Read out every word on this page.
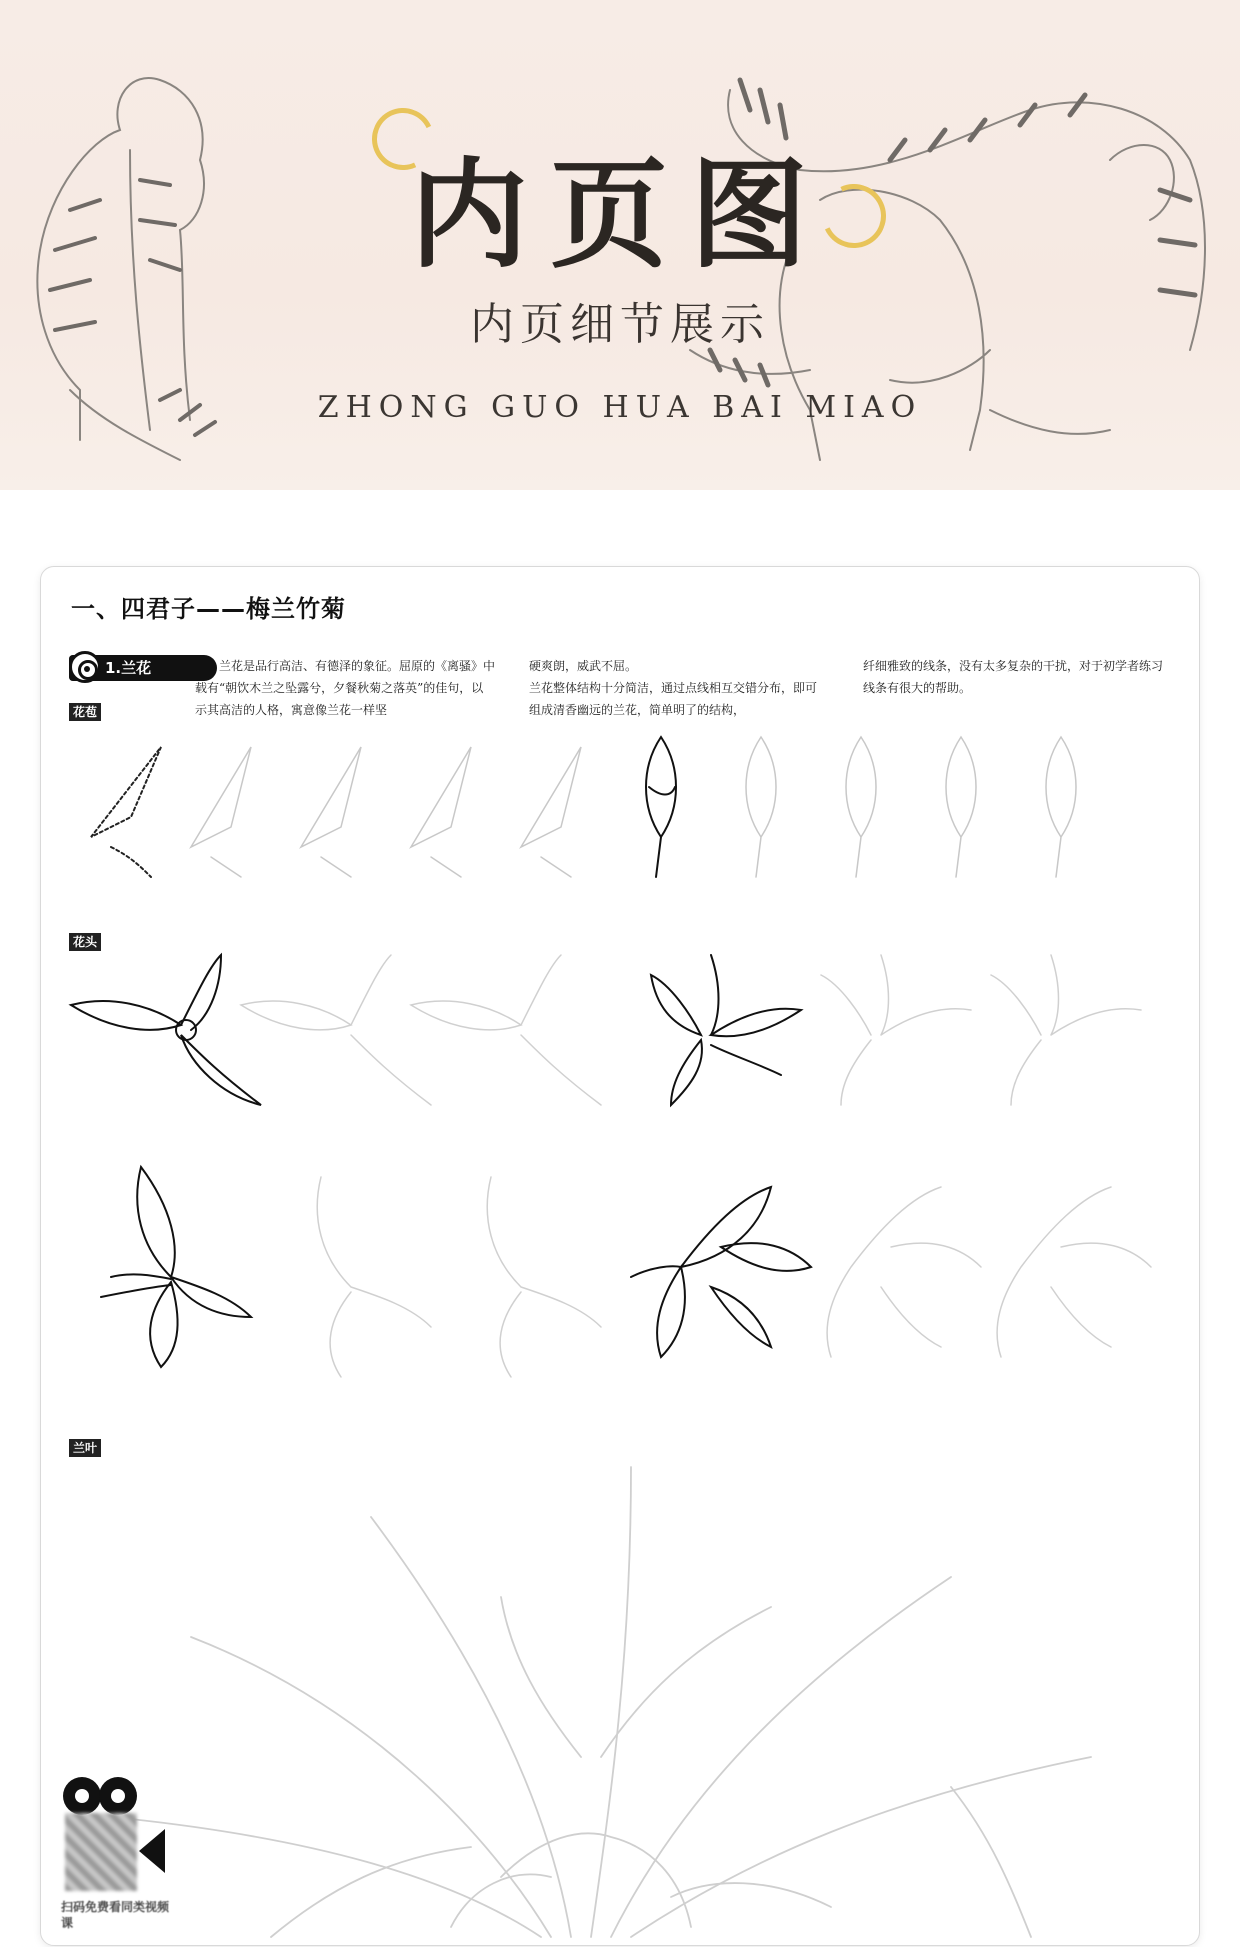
内页图
内页细节展示
ZHONG GUO HUA BAI MIAO
一、四君子——梅兰竹菊
1.兰花	兰花是品行高洁、有德泽的象征。屈原的《离骚》中载有“朝饮木兰之坠露兮，夕餐秋菊之落英”的佳句，以示其高洁的人格，寓意像兰花一样坚
硬爽朗，威武不屈。
兰花整体结构十分简洁，通过点线相互交错分布，即可组成清香幽远的兰花，简单明了的结构，
纤细雅致的线条，没有太多复杂的干扰，对于初学者练习线条有很大的帮助。
花苞
花头
兰叶
扫码免费看同类视频课
